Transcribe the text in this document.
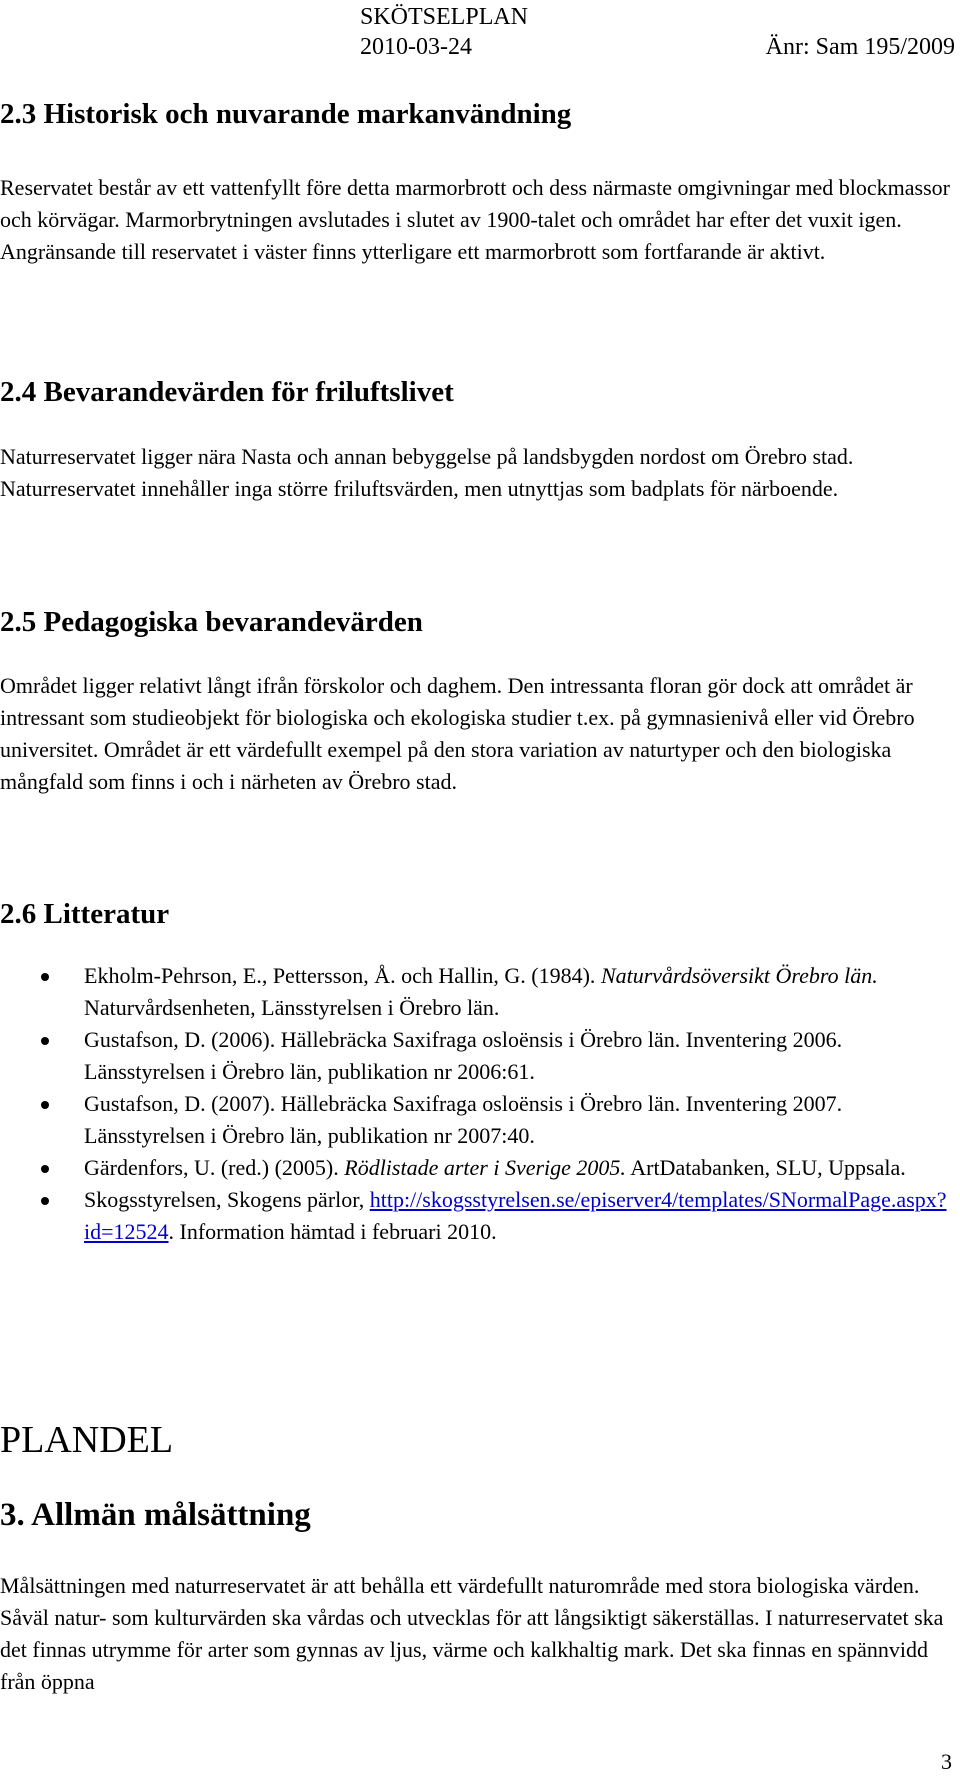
SKÖTSELPLAN
2010-03-24	Änr: Sam 195/2009
2.3 Historisk och nuvarande markanvändning

Reservatet består av ett vattenfyllt före detta marmorbrott och dess närmaste omgivningar med blockmassor och körvägar. Marmorbrytningen avslutades i slutet av 1900-talet och området har efter det vuxit igen. Angränsande till reservatet i väster finns ytterligare ett marmorbrott som fortfarande är aktivt.

2.4 Bevarandevärden för friluftslivet

Naturreservatet ligger nära Nasta och annan bebyggelse på landsbygden nordost om Örebro stad. Naturreservatet innehåller inga större friluftsvärden, men utnyttjas som badplats för närboende.

2.5 Pedagogiska bevarandevärden

Området ligger relativt långt ifrån förskolor och daghem. Den intressanta floran gör dock att området är intressant som studieobjekt för biologiska och ekologiska studier t.ex. på gymnasienivå eller vid Örebro universitet. Området är ett värdefullt exempel på den stora variation av naturtyper och den biologiska mångfald som finns i och i närheten av Örebro stad.

2.6 Litteratur
Ekholm-Pehrson, E., Pettersson, Å. och Hallin, G. (1984). Naturvårdsöversikt Örebro län. Naturvårdsenheten, Länsstyrelsen i Örebro län.
Gustafson, D. (2006). Hällebräcka Saxifraga osloënsis i Örebro län. Inventering 2006. Länsstyrelsen i Örebro län, publikation nr 2006:61.
Gustafson, D. (2007). Hällebräcka Saxifraga osloënsis i Örebro län. Inventering 2007. Länsstyrelsen i Örebro län, publikation nr 2007:40.
Gärdenfors, U. (red.) (2005). Rödlistade arter i Sverige 2005. ArtDatabanken, SLU, Uppsala.
Skogsstyrelsen, Skogens pärlor, http://skogsstyrelsen.se/episerver4/templates/SNormalPage.aspx?id=12524. Information hämtad i februari 2010.
PLANDEL
3. Allmän målsättning

Målsättningen med naturreservatet är att behålla ett värdefullt naturområde med stora biologiska värden. Såväl natur- som kulturvärden ska vårdas och utvecklas för att långsiktigt säkerställas. I naturreservatet ska det finnas utrymme för arter som gynnas av ljus, värme och kalkhaltig mark. Det ska finnas en spännvidd från öppna

3
